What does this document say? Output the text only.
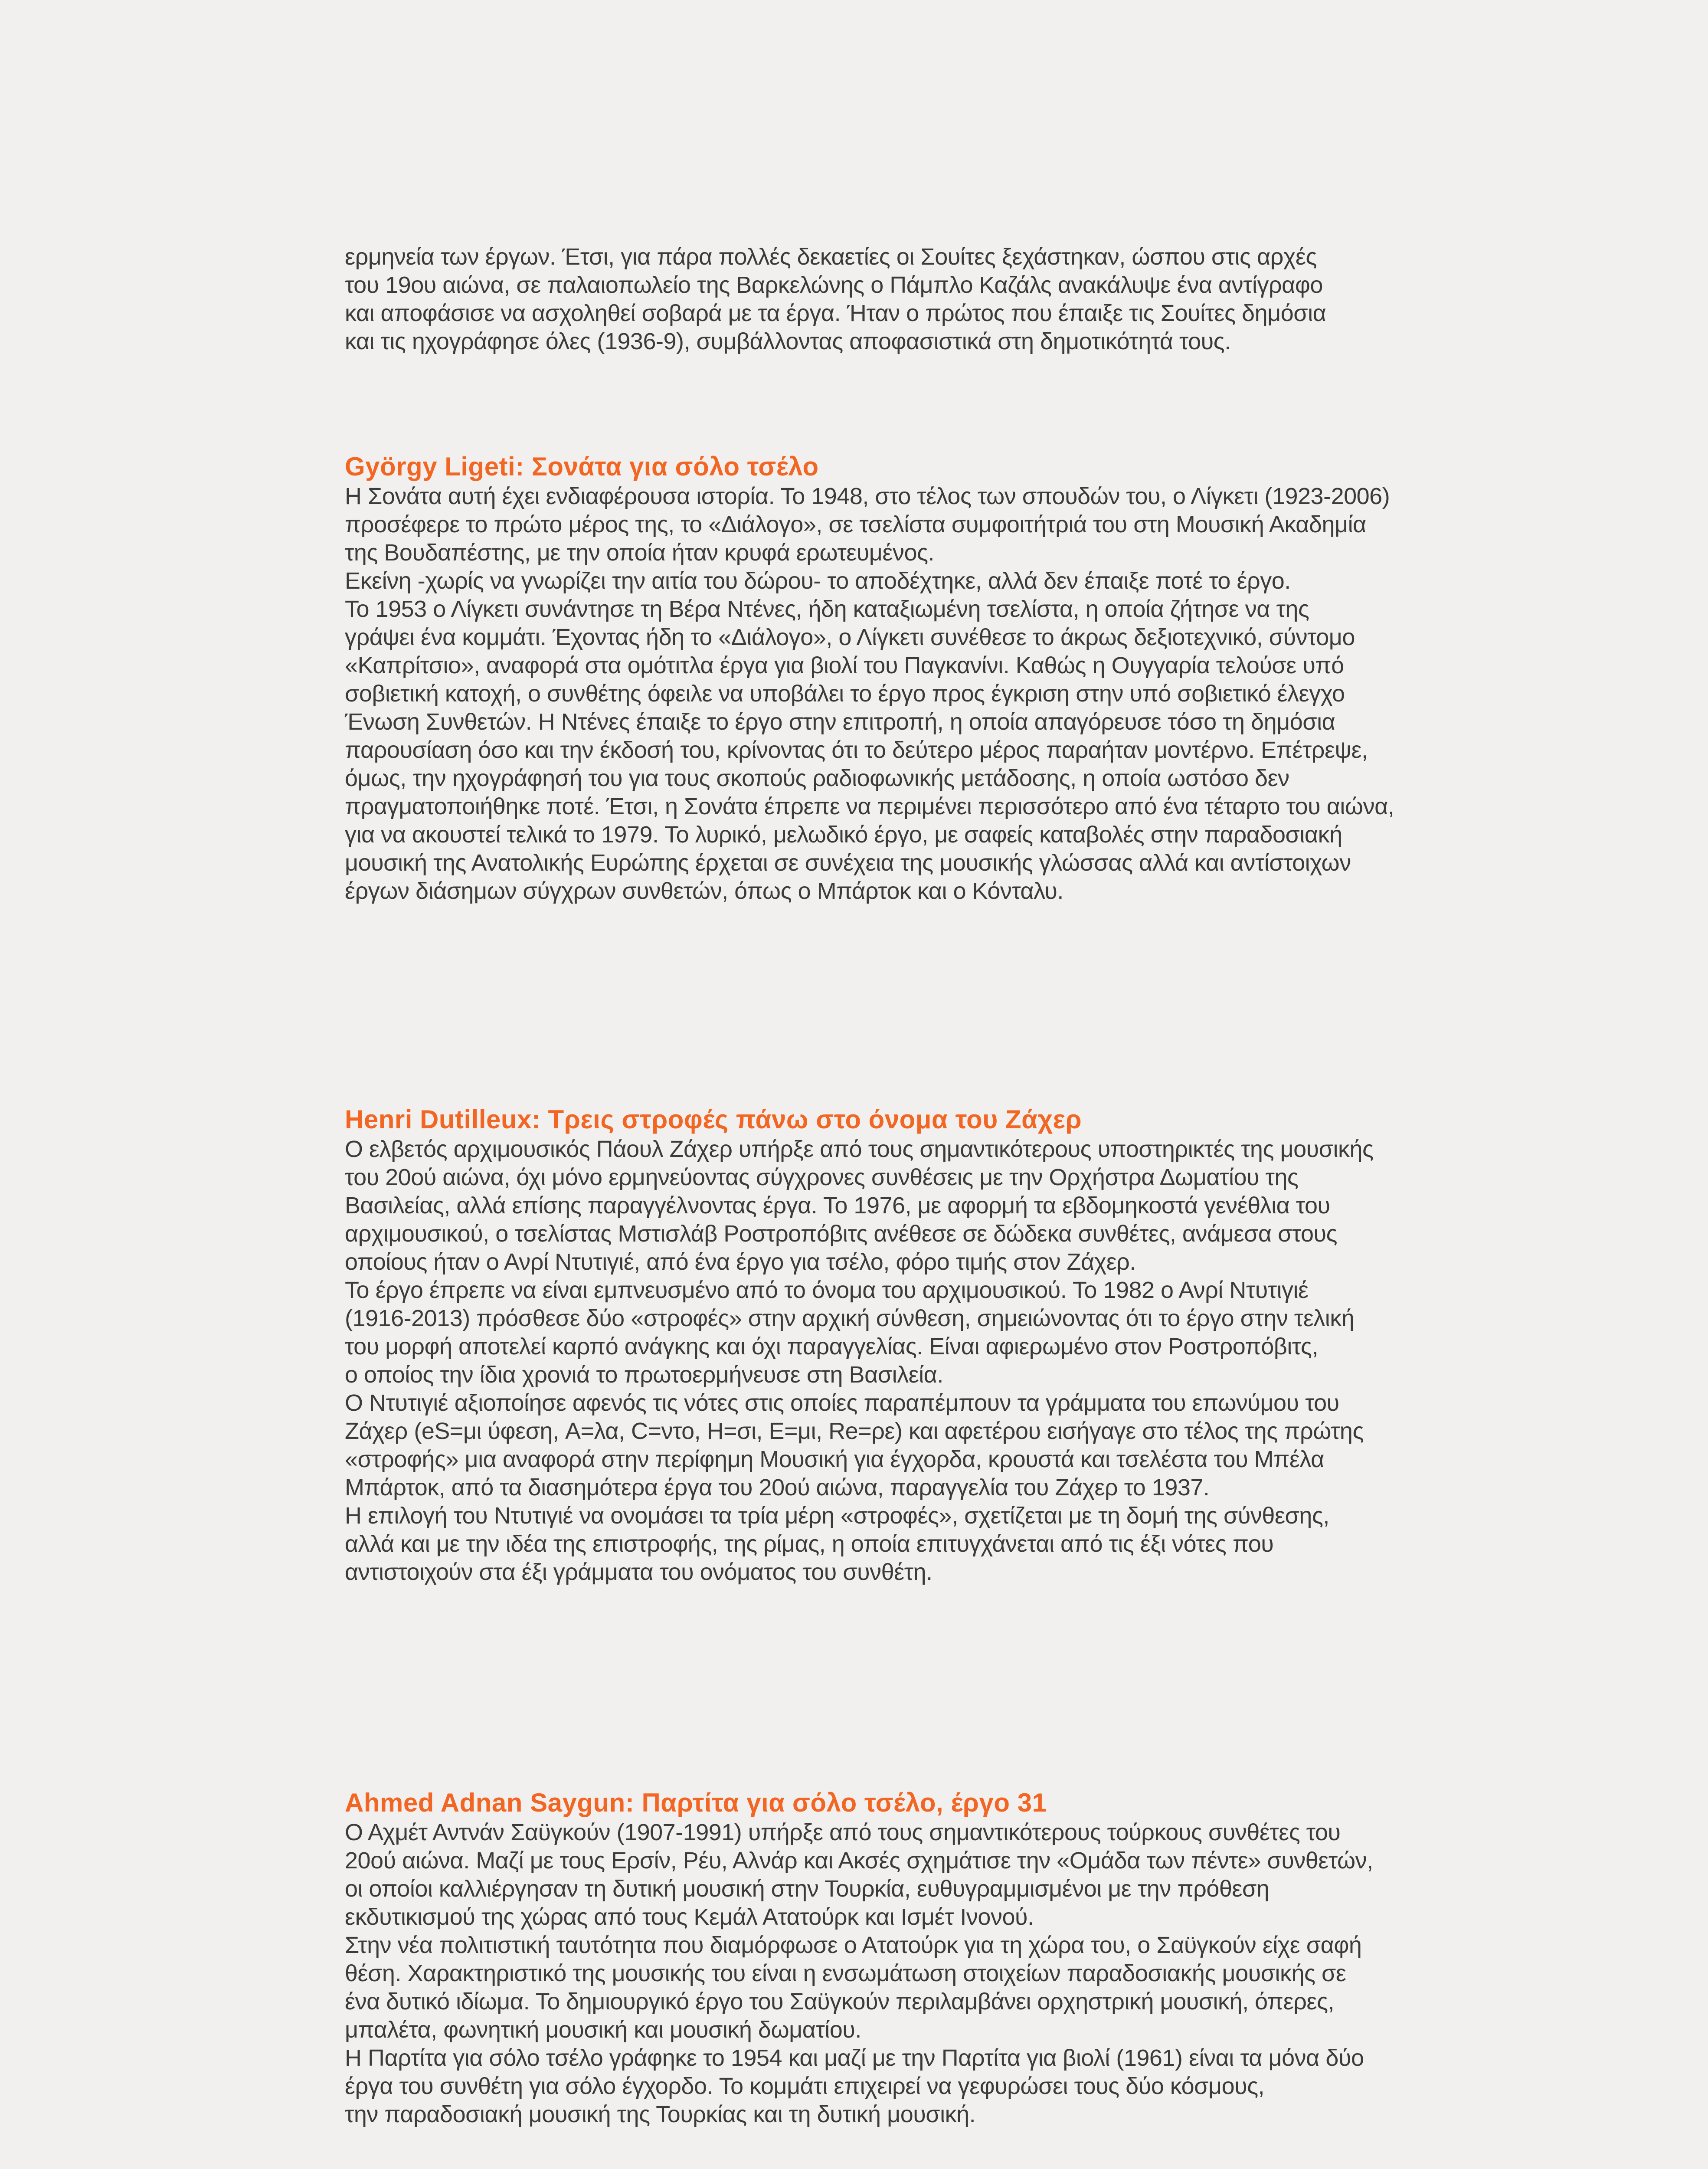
ερμηνεία των έργων. Έτσι, για πάρα πολλές δεκαετίες οι Σουίτες ξεχάστηκαν, ώσπου στις αρχές

του 19ου αιώνα, σε παλαιοπωλείο της Βαρκελώνης ο Πάμπλο Καζάλς ανακάλυψε ένα αντίγραφο

και αποφάσισε να ασχοληθεί σοβαρά με τα έργα. Ήταν ο πρώτος που έπαιξε τις Σουίτες δημόσια

και τις ηχογράφησε όλες (1936-9), συμβάλλοντας αποφασιστικά στη δημοτικότητά τους.

György Ligeti: Σονάτα για σόλο τσέλο

Η Σονάτα αυτή έχει ενδιαφέρουσα ιστορία. Το 1948, στο τέλος των σπουδών του, ο Λίγκετι (1923-2006)

προσέφερε το πρώτο μέρος της, το «Διάλογο», σε τσελίστα συμφοιτήτριά του στη Μουσική Ακαδημία

της Βουδαπέστης, με την οποία ήταν κρυφά ερωτευμένος.

Εκείνη -χωρίς να γνωρίζει την αιτία του δώρου- το αποδέχτηκε, αλλά δεν έπαιξε ποτέ το έργο.

Το 1953 ο Λίγκετι συνάντησε τη Βέρα Ντένες, ήδη καταξιωμένη τσελίστα, η οποία ζήτησε να της

γράψει ένα κομμάτι. Έχοντας ήδη το «Διάλογο», ο Λίγκετι συνέθεσε το άκρως δεξιοτεχνικό, σύντομο

«Καπρίτσιο», αναφορά στα ομότιτλα έργα για βιολί του Παγκανίνι. Καθώς η Ουγγαρία τελούσε υπό

σοβιετική κατοχή, ο συνθέτης όφειλε να υποβάλει το έργο προς έγκριση στην υπό σοβιετικό έλεγχο

Ένωση Συνθετών. Η Ντένες έπαιξε το έργο στην επιτροπή, η οποία απαγόρευσε τόσο τη δημόσια

παρουσίαση όσο και την έκδοσή του, κρίνοντας ότι το δεύτερο μέρος παραήταν μοντέρνο. Επέτρεψε,

όμως, την ηχογράφησή του για τους σκοπούς ραδιοφωνικής μετάδοσης, η οποία ωστόσο δεν

πραγματοποιήθηκε ποτέ. Έτσι, η Σονάτα έπρεπε να περιμένει περισσότερο από ένα τέταρτο του αιώνα,

για να ακουστεί τελικά το 1979. Το λυρικό, μελωδικό έργο, με σαφείς καταβολές στην παραδοσιακή

μουσική της Ανατολικής Ευρώπης έρχεται σε συνέχεια της μουσικής γλώσσας αλλά και αντίστοιχων

έργων διάσημων σύγχρων συνθετών, όπως ο Μπάρτοκ και ο Κόνταλυ.

Henri Dutilleux: Τρεις στροφές πάνω στο όνομα του Ζάχερ

Ο ελβετός αρχιμουσικός Πάουλ Ζάχερ υπήρξε από τους σημαντικότερους υποστηρικτές της μουσικής

του 20ού αιώνα, όχι μόνο ερμηνεύοντας σύγχρονες συνθέσεις με την Ορχήστρα Δωματίου της

Βασιλείας, αλλά επίσης παραγγέλνοντας έργα. Το 1976, με αφορμή τα εβδομηκοστά γενέθλια του

αρχιμουσικού, ο τσελίστας Μστισλάβ Ροστροπόβιτς ανέθεσε σε δώδεκα συνθέτες, ανάμεσα στους

οποίους ήταν ο Ανρί Ντυτιγιέ, από ένα έργο για τσέλο, φόρο τιμής στον Ζάχερ.

Το έργο έπρεπε να είναι εμπνευσμένο από το όνομα του αρχιμουσικού. Το 1982 ο Ανρί Ντυτιγιέ

(1916-2013) πρόσθεσε δύο «στροφές» στην αρχική σύνθεση, σημειώνοντας ότι το έργο στην τελική

του μορφή αποτελεί καρπό ανάγκης και όχι παραγγελίας. Είναι αφιερωμένο στον Ροστροπόβιτς,

ο οποίος την ίδια χρονιά το πρωτοερμήνευσε στη Βασιλεία.

Ο Ντυτιγιέ αξιοποίησε αφενός τις νότες στις οποίες παραπέμπουν τα γράμματα του επωνύμου του

Ζάχερ (eS=μι ύφεση, A=λα, C=ντο, H=σι, E=μι, Re=ρε) και αφετέρου εισήγαγε στο τέλος της πρώτης

«στροφής» μια αναφορά στην περίφημη Μουσική για έγχορδα, κρουστά και τσελέστα του Μπέλα

Μπάρτοκ, από τα διασημότερα έργα του 20ού αιώνα, παραγγελία του Ζάχερ το 1937.

Η επιλογή του Ντυτιγιέ να ονομάσει τα τρία μέρη «στροφές», σχετίζεται με τη δομή της σύνθεσης,

αλλά και με την ιδέα της επιστροφής, της ρίμας, η οποία επιτυγχάνεται από τις έξι νότες που

αντιστοιχούν στα έξι γράμματα του ονόματος του συνθέτη.

Ahmed Adnan Saygun: Παρτίτα για σόλο τσέλο, έργο 31

Ο Αχμέτ Αντνάν Σαϋγκούν (1907-1991) υπήρξε από τους σημαντικότερους τούρκους συνθέτες του

20ού αιώνα. Μαζί με τους Ερσίν, Ρέυ, Αλνάρ και Ακσές σχημάτισε την «Ομάδα των πέντε» συνθετών,

οι οποίοι καλλιέργησαν τη δυτική μουσική στην Τουρκία, ευθυγραμμισμένοι με την πρόθεση

εκδυτικισμού της χώρας από τους Κεμάλ Ατατούρκ και Ισμέτ Ινονού.

Στην νέα πολιτιστική ταυτότητα που διαμόρφωσε ο Ατατούρκ για τη χώρα του, ο Σαϋγκούν είχε σαφή

θέση. Χαρακτηριστικό της μουσικής του είναι η ενσωμάτωση στοιχείων παραδοσιακής μουσικής σε

ένα δυτικό ιδίωμα. Το δημιουργικό έργο του Σαϋγκούν περιλαμβάνει ορχηστρική μουσική, όπερες,

μπαλέτα, φωνητική μουσική και μουσική δωματίου.

Η Παρτίτα για σόλο τσέλο γράφηκε το 1954 και μαζί με την Παρτίτα για βιολί (1961) είναι τα μόνα δύο

έργα του συνθέτη για σόλο έγχορδο. Το κομμάτι επιχειρεί να γεφυρώσει τους δύο κόσμους,

την παραδοσιακή μουσική της Τουρκίας και τη δυτική μουσική.
